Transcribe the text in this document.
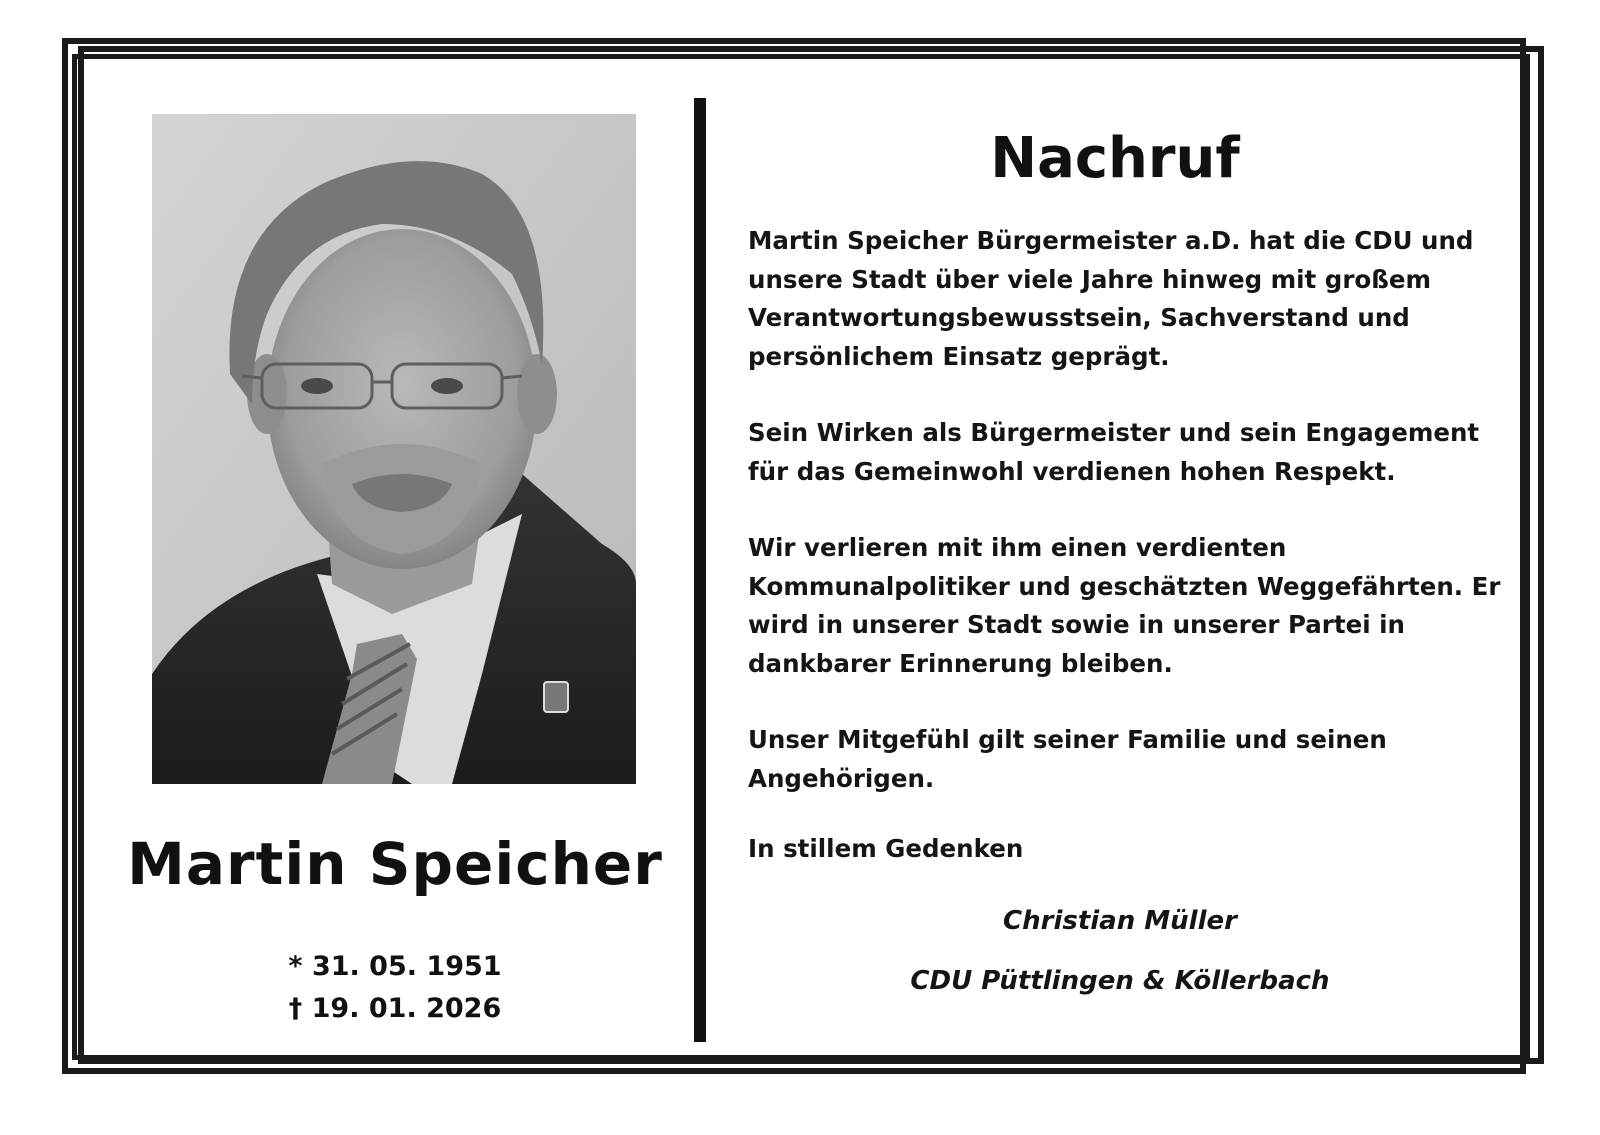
Martin Speicher
* 31. 05. 1951
† 19. 01. 2026
Nachruf

Martin Speicher Bürgermeister a.D. hat die CDU und unsere Stadt über viele Jahre hinweg mit großem Verantwortungsbewusstsein, Sachverstand und persönlichem Einsatz geprägt.

Sein Wirken als Bürgermeister und sein Engagement für das Gemeinwohl verdienen hohen Respekt.

Wir verlieren mit ihm einen verdienten Kommunalpolitiker und geschätzten Weggefährten. Er wird in unserer Stadt sowie in unserer Partei in dankbarer Erinnerung bleiben.

Unser Mitgefühl gilt seiner Familie und seinen Angehörigen.

In stillem Gedenken
Christian Müller
CDU Püttlingen & Köllerbach
